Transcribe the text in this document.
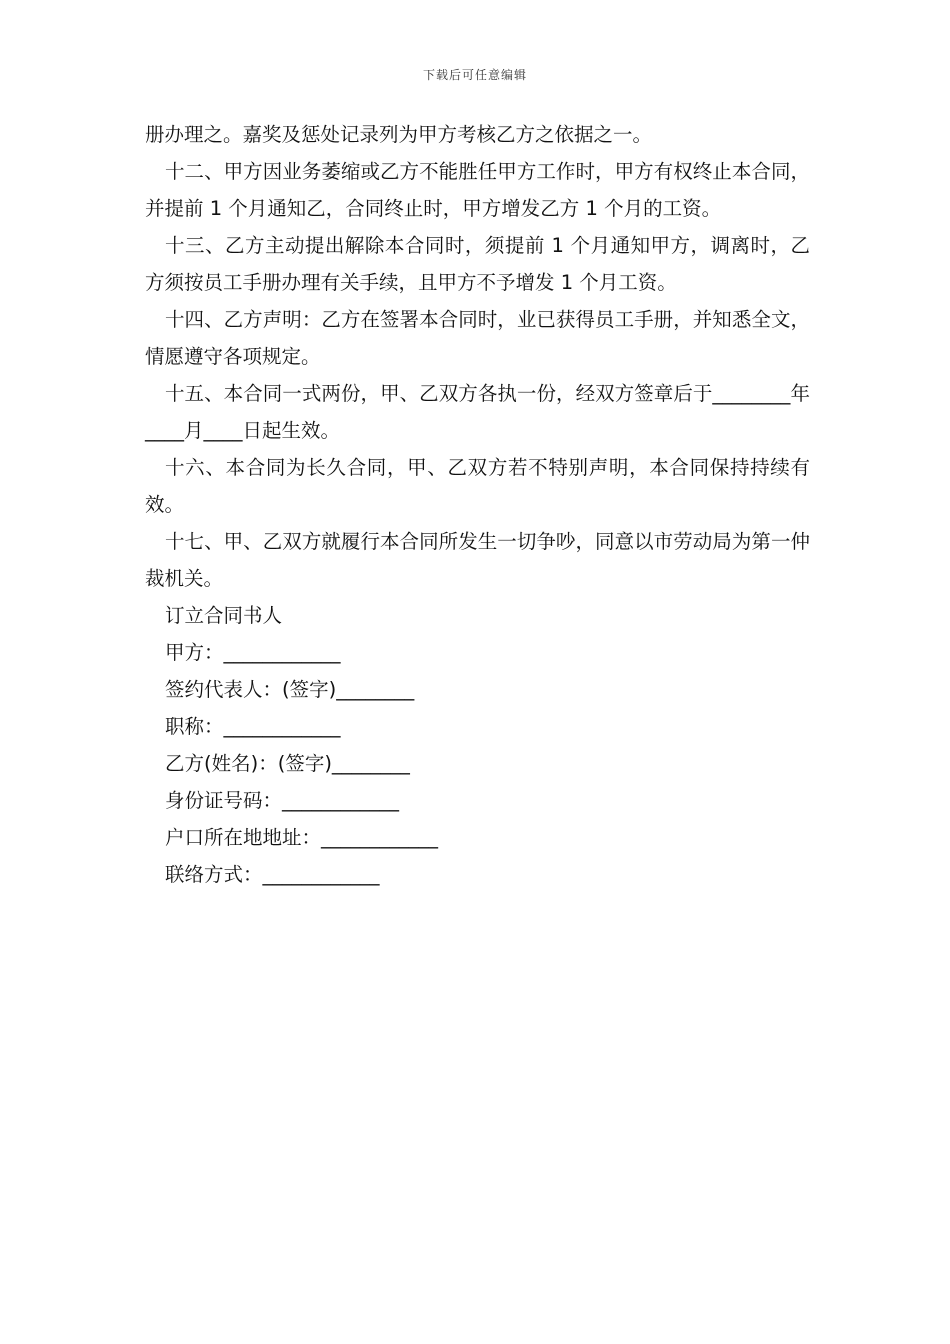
下载后可任意编辑

册办理之。嘉奖及惩处记录列为甲方考核乙方之依据之一。

十二、甲方因业务萎缩或乙方不能胜任甲方工作时，甲方有权终止本合同，并提前 1 个月通知乙，合同终止时，甲方增发乙方 1 个月的工资。

十三、乙方主动提出解除本合同时，须提前 1 个月通知甲方，调离时，乙方须按员工手册办理有关手续，且甲方不予增发 1 个月工资。

十四、乙方声明：乙方在签署本合同时，业已获得员工手册，并知悉全文，情愿遵守各项规定。

十五、本合同一式两份，甲、乙双方各执一份，经双方签章后于________年____月____日起生效。

十六、本合同为长久合同，甲、乙双方若不特别声明，本合同保持持续有效。

十七、甲、乙双方就履行本合同所发生一切争吵，同意以市劳动局为第一仲裁机关。

订立合同书人

甲方：____________

签约代表人：(签字)________

职称：____________

乙方(姓名)：(签字)________

身份证号码：____________

户口所在地地址：____________

联络方式：____________
